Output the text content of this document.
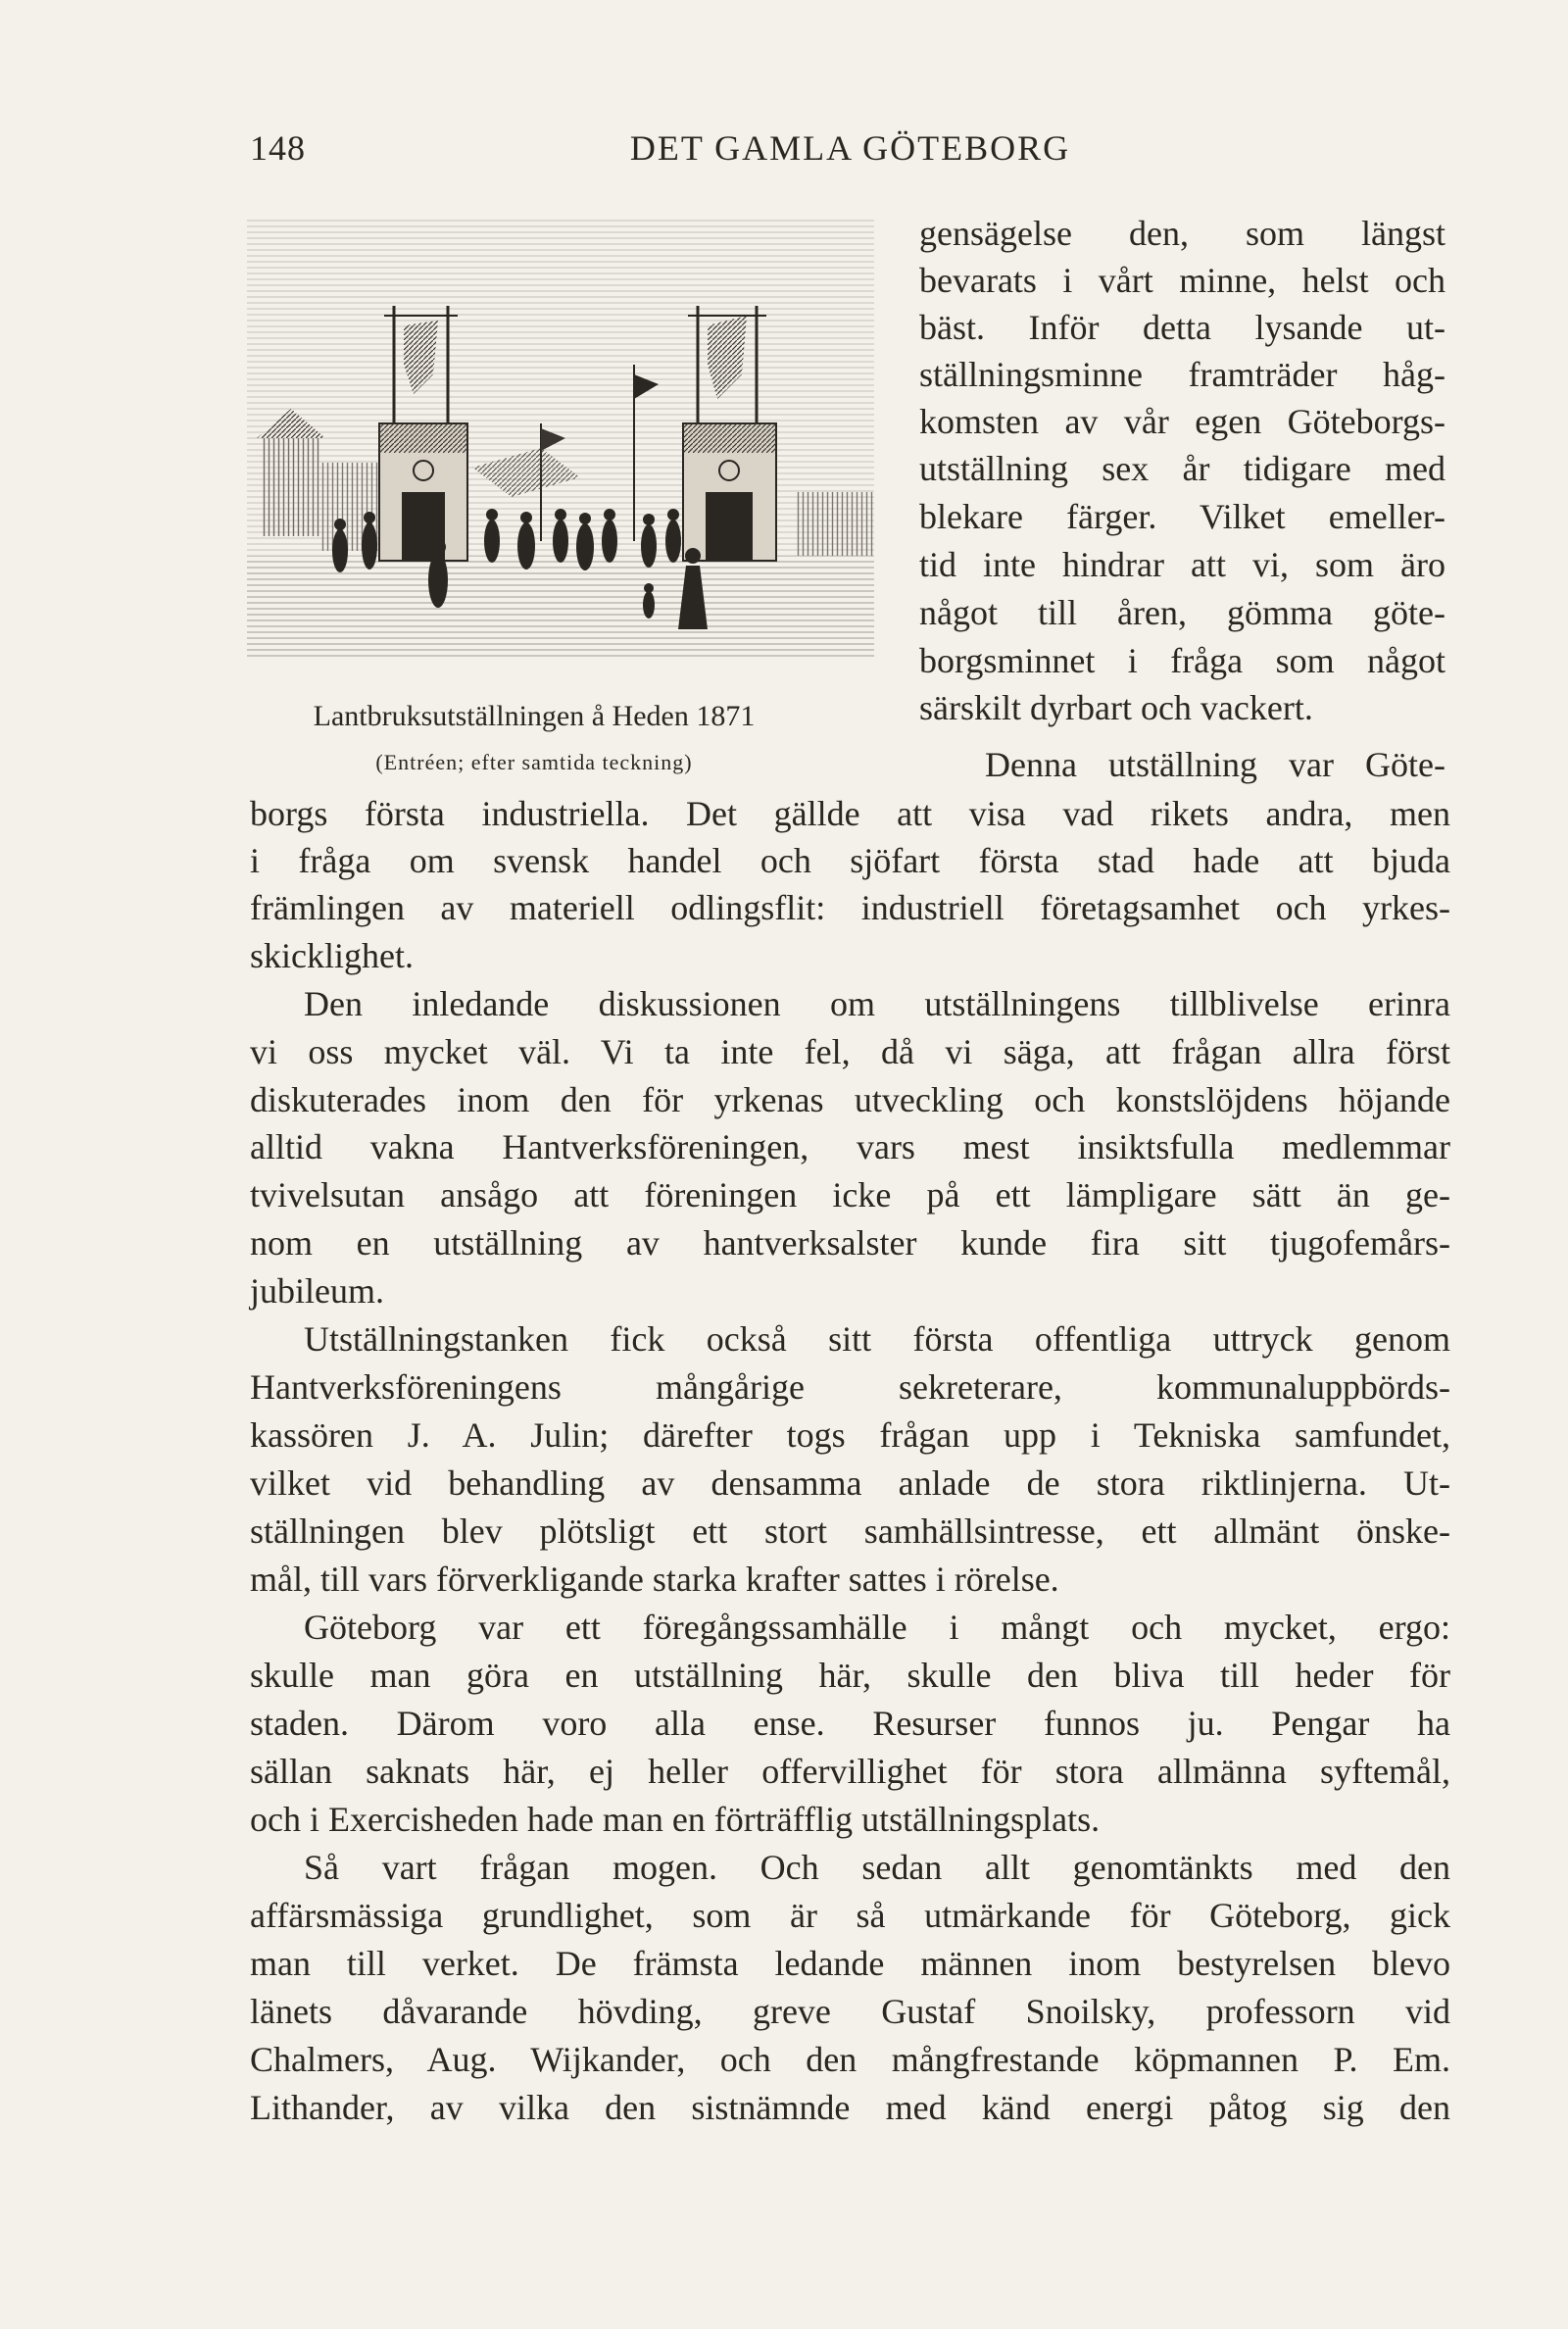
148	DET GAMLA GÖTEBORG
Lantbruksutställningen å Heden 1871
(Entréen; efter samtida teckning)
gensägelse den, som längst
bevarats i vårt minne, helst och
bäst. Inför detta lysande ut-
ställningsminne framträder håg-
komsten av vår egen Göteborgs-
utställning sex år tidigare med
blekare färger. Vilket emeller-
tid inte hindrar att vi, som äro
något till åren, gömma göte-
borgsminnet i fråga som något
särskilt dyrbart och vackert.
Denna utställning var Göte-
borgs första industriella. Det gällde att visa vad rikets andra, men
i fråga om svensk handel och sjöfart första stad hade att bjuda
främlingen av materiell odlingsflit: industriell företagsamhet och yrkes-
skicklighet.
Den inledande diskussionen om utställningens tillblivelse erinra
vi oss mycket väl. Vi ta inte fel, då vi säga, att frågan allra först
diskuterades inom den för yrkenas utveckling och konstslöjdens höjande
alltid vakna Hantverksföreningen, vars mest insiktsfulla medlemmar
tvivelsutan ansågo att föreningen icke på ett lämpligare sätt än ge-
nom en utställning av hantverksalster kunde fira sitt tjugofemårs-
jubileum.
Utställningstanken fick också sitt första offentliga uttryck genom
Hantverksföreningens mångårige sekreterare, kommunaluppbörds-
kassören J. A. Julin; därefter togs frågan upp i Tekniska samfundet,
vilket vid behandling av densamma anlade de stora riktlinjerna. Ut-
ställningen blev plötsligt ett stort samhällsintresse, ett allmänt önske-
mål, till vars förverkligande starka krafter sattes i rörelse.
Göteborg var ett föregångssamhälle i mångt och mycket, ergo:
skulle man göra en utställning här, skulle den bliva till heder för
staden. Därom voro alla ense. Resurser funnos ju. Pengar ha
sällan saknats här, ej heller offervillighet för stora allmänna syftemål,
och i Exercisheden hade man en förträfflig utställningsplats.
Så vart frågan mogen. Och sedan allt genomtänkts med den
affärsmässiga grundlighet, som är så utmärkande för Göteborg, gick
man till verket. De främsta ledande männen inom bestyrelsen blevo
länets dåvarande hövding, greve Gustaf Snoilsky, professorn vid
Chalmers, Aug. Wijkander, och den mångfrestande köpmannen P. Em.
Lithander, av vilka den sistnämnde med känd energi påtog sig den
